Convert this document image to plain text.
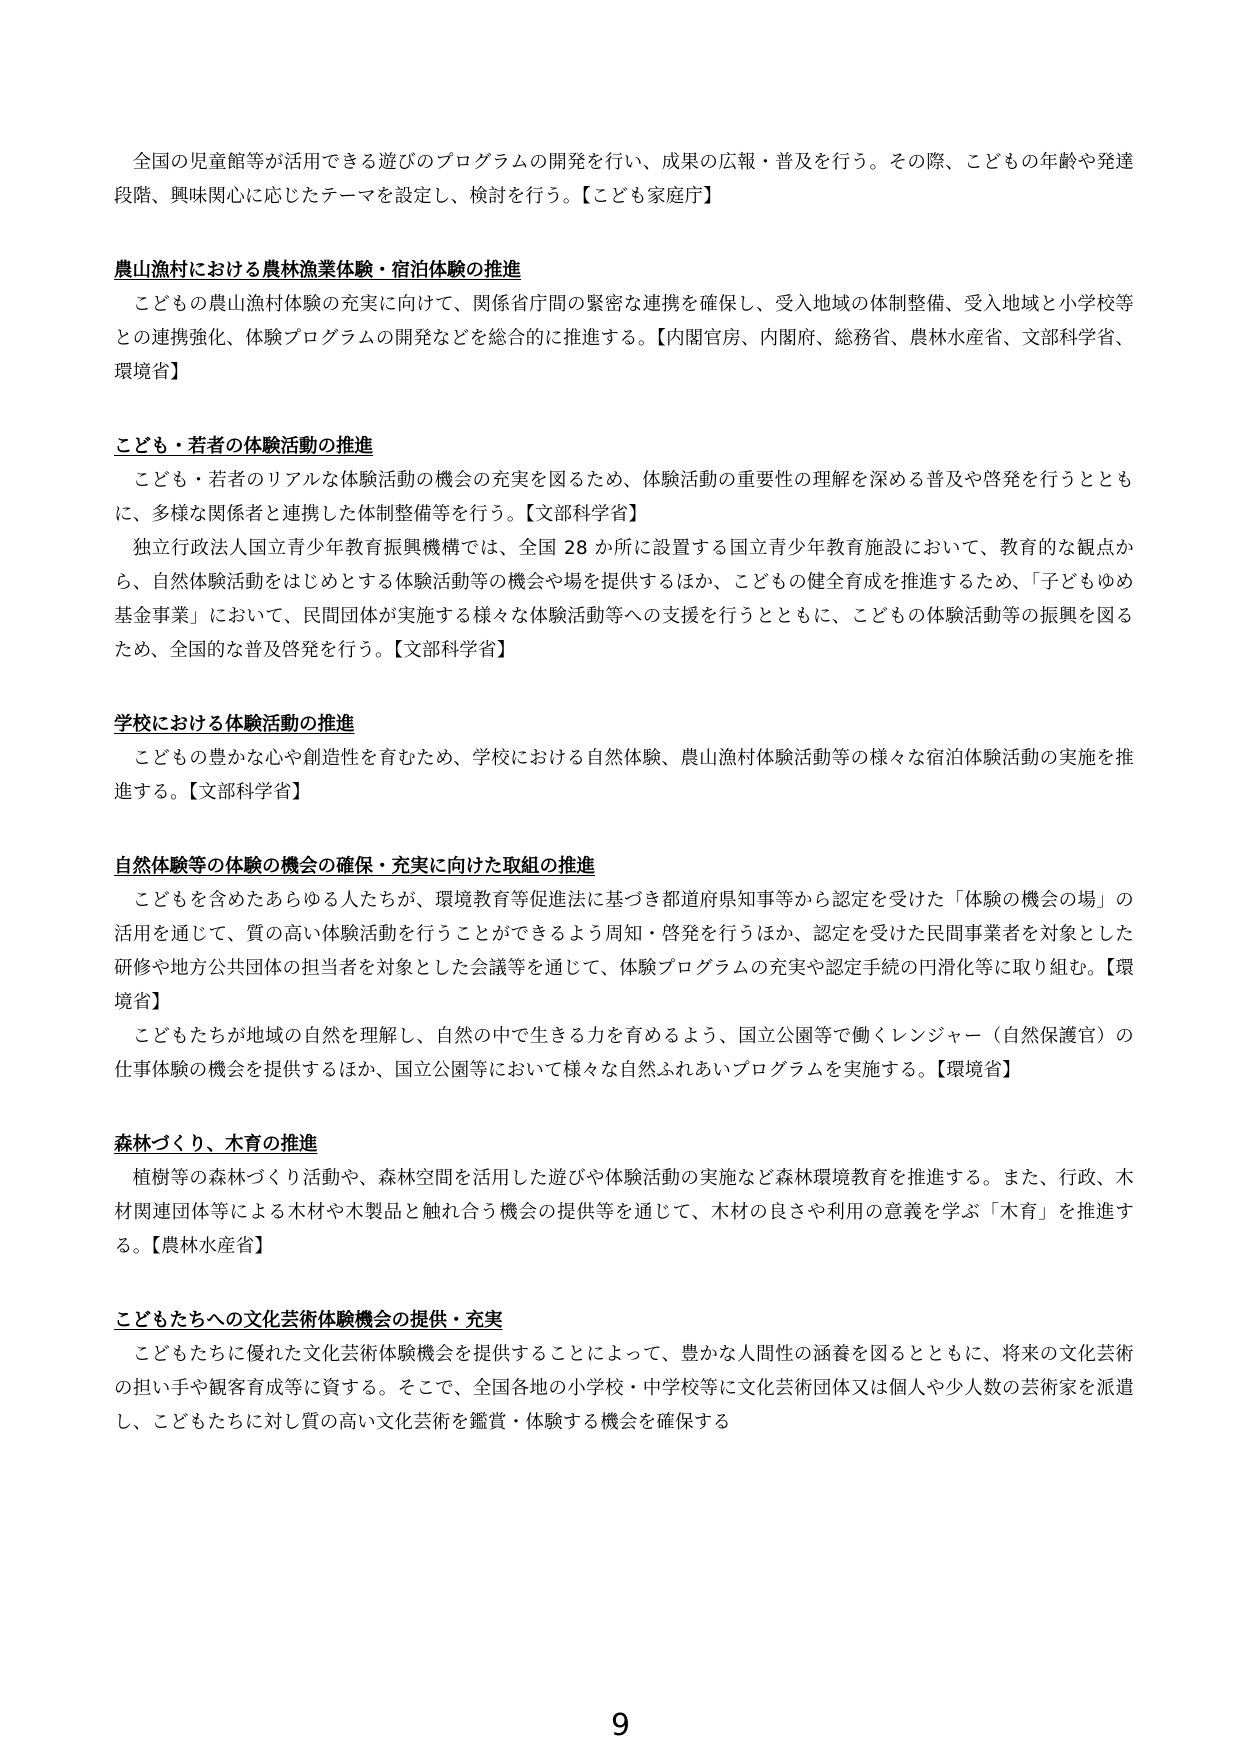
全国の児童館等が活用できる遊びのプログラムの開発を行い、成果の広報・普及を行う。その際、こどもの年齢や発達段階、興味関心に応じたテーマを設定し、検討を行う。【こども家庭庁】

農山漁村における農林漁業体験・宿泊体験の推進

こどもの農山漁村体験の充実に向けて、関係省庁間の緊密な連携を確保し、受入地域の体制整備、受入地域と小学校等との連携強化、体験プログラムの開発などを総合的に推進する。【内閣官房、内閣府、総務省、農林水産省、文部科学省、環境省】

こども・若者の体験活動の推進

こども・若者のリアルな体験活動の機会の充実を図るため、体験活動の重要性の理解を深める普及や啓発を行うとともに、多様な関係者と連携した体制整備等を行う。【文部科学省】

独立行政法人国立青少年教育振興機構では、全国 28 か所に設置する国立青少年教育施設において、教育的な観点から、自然体験活動をはじめとする体験活動等の機会や場を提供するほか、こどもの健全育成を推進するため、「子どもゆめ基金事業」において、民間団体が実施する様々な体験活動等への支援を行うとともに、こどもの体験活動等の振興を図るため、全国的な普及啓発を行う。【文部科学省】

学校における体験活動の推進

こどもの豊かな心や創造性を育むため、学校における自然体験、農山漁村体験活動等の様々な宿泊体験活動の実施を推進する。【文部科学省】

自然体験等の体験の機会の確保・充実に向けた取組の推進

こどもを含めたあらゆる人たちが、環境教育等促進法に基づき都道府県知事等から認定を受けた「体験の機会の場」の活用を通じて、質の高い体験活動を行うことができるよう周知・啓発を行うほか、認定を受けた民間事業者を対象とした研修や地方公共団体の担当者を対象とした会議等を通じて、体験プログラムの充実や認定手続の円滑化等に取り組む。【環境省】

こどもたちが地域の自然を理解し、自然の中で生きる力を育めるよう、国立公園等で働くレンジャー（自然保護官）の仕事体験の機会を提供するほか、国立公園等において様々な自然ふれあいプログラムを実施する。【環境省】

森林づくり、木育の推進

植樹等の森林づくり活動や、森林空間を活用した遊びや体験活動の実施など森林環境教育を推進する。また、行政、木材関連団体等による木材や木製品と触れ合う機会の提供等を通じて、木材の良さや利用の意義を学ぶ「木育」を推進する。【農林水産省】

こどもたちへの文化芸術体験機会の提供・充実

こどもたちに優れた文化芸術体験機会を提供することによって、豊かな人間性の涵養を図るとともに、将来の文化芸術の担い手や観客育成等に資する。そこで、全国各地の小学校・中学校等に文化芸術団体又は個人や少人数の芸術家を派遣し、こどもたちに対し質の高い文化芸術を鑑賞・体験する機会を確保する

9
